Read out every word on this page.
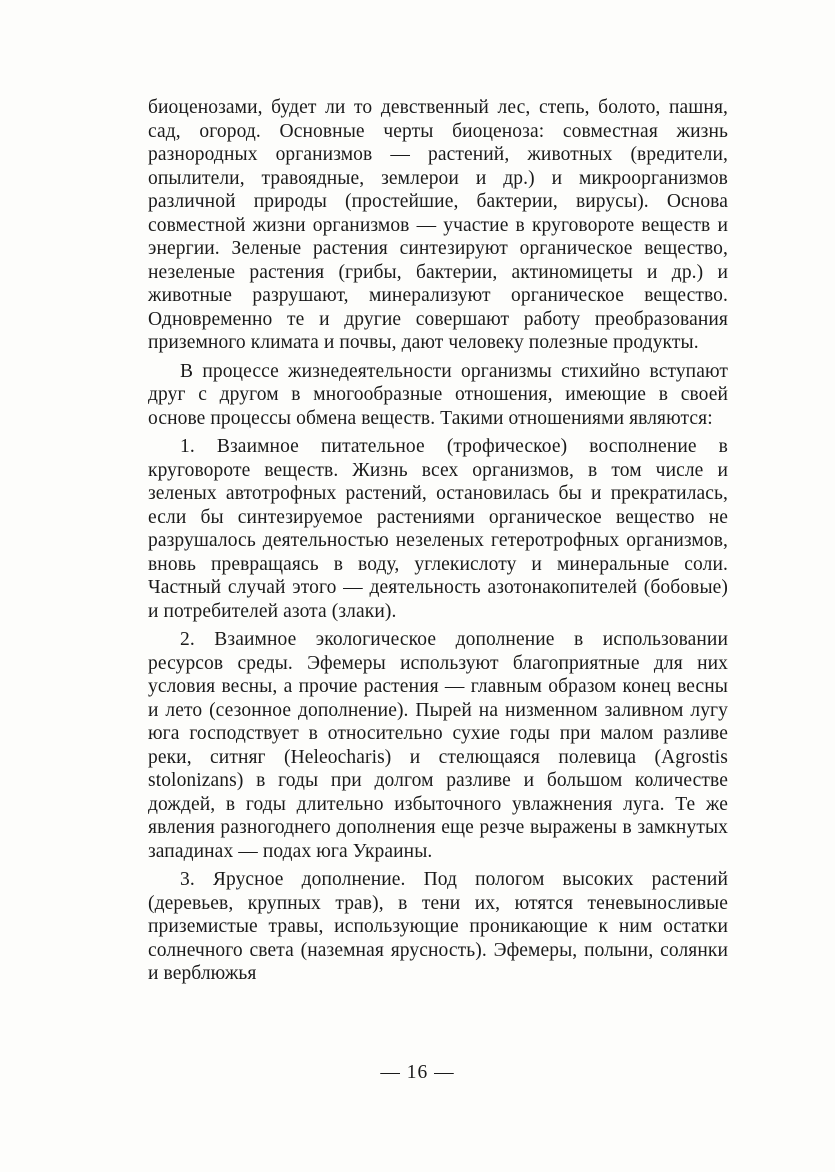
биоценозами, будет ли то девственный лес, степь, болото, пашня, сад, огород. Основные черты биоценоза: совместная жизнь разнородных организмов — растений, животных (вредители, опылители, травоядные, землерои и др.) и микроорганизмов различной природы (простейшие, бактерии, вирусы). Основа совместной жизни организмов — участие в круговороте веществ и энергии. Зеленые растения синтезируют органическое вещество, незеленые растения (грибы, бактерии, актиномицеты и др.) и животные разрушают, минерализуют органическое вещество. Одновременно те и другие совершают работу преобразования приземного климата и почвы, дают человеку полезные продукты.

В процессе жизнедеятельности организмы стихийно вступают друг с другом в многообразные отношения, имеющие в своей основе процессы обмена веществ. Такими отношениями являются:

1. Взаимное питательное (трофическое) восполнение в круговороте веществ. Жизнь всех организмов, в том числе и зеленых автотрофных растений, остановилась бы и прекратилась, если бы синтезируемое растениями органическое вещество не разрушалось деятельностью незеленых гетеротрофных организмов, вновь превращаясь в воду, углекислоту и минеральные соли. Частный случай этого — деятельность азотонакопителей (бобовые) и потребителей азота (злаки).

2. Взаимное экологическое дополнение в использовании ресурсов среды. Эфемеры используют благоприятные для них условия весны, а прочие растения — главным образом конец весны и лето (сезонное дополнение). Пырей на низменном заливном лугу юга господствует в относительно сухие годы при малом разливе реки, ситняг (Heleocharis) и стелющаяся полевица (Agrostis stolonizans) в годы при долгом разливе и большом количестве дождей, в годы длительно избыточного увлажнения луга. Те же явления разногоднего дополнения еще резче выражены в замкнутых западинах — подах юга Украины.

3. Ярусное дополнение. Под пологом высоких растений (деревьев, крупных трав), в тени их, ютятся теневыносливые приземистые травы, использующие проникающие к ним остатки солнечного света (наземная ярусность). Эфемеры, полыни, солянки и верблюжья

— 16 —
